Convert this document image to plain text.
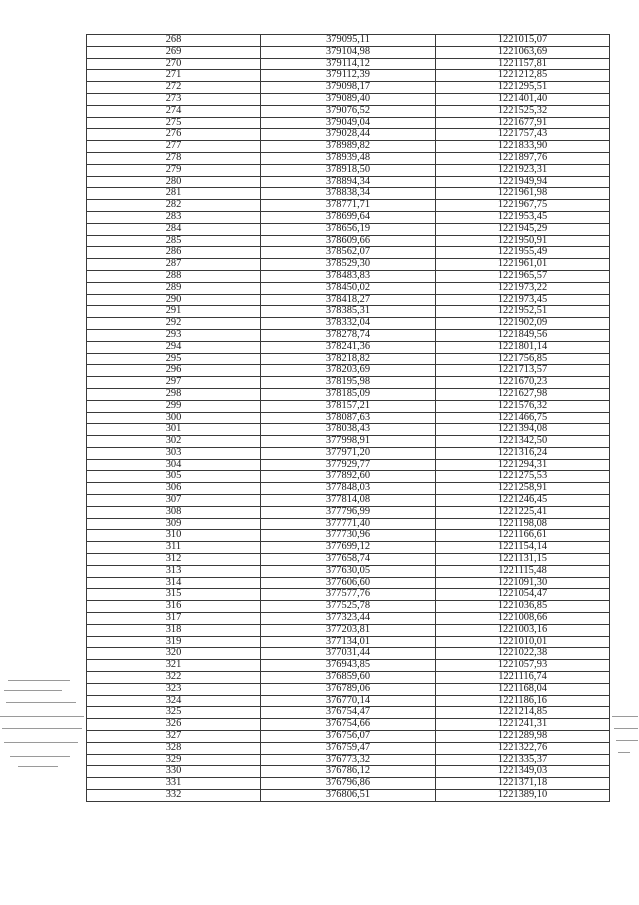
268	379095,11	1221015,07
269	379104,98	1221063,69
270	379114,12	1221157,81
271	379112,39	1221212,85
272	379098,17	1221295,51
273	379089,40	1221401,40
274	379076,52	1221525,32
275	379049,04	1221677,91
276	379028,44	1221757,43
277	378989,82	1221833,90
278	378939,48	1221897,76
279	378918,50	1221923,31
280	378894,34	1221949,94
281	378838,34	1221961,98
282	378771,71	1221967,75
283	378699,64	1221953,45
284	378656,19	1221945,29
285	378609,66	1221950,91
286	378562,07	1221955,49
287	378529,30	1221961,01
288	378483,83	1221965,57
289	378450,02	1221973,22
290	378418,27	1221973,45
291	378385,31	1221952,51
292	378332,04	1221902,09
293	378278,74	1221849,56
294	378241,36	1221801,14
295	378218,82	1221756,85
296	378203,69	1221713,57
297	378195,98	1221670,23
298	378185,09	1221627,98
299	378157,21	1221576,32
300	378087,63	1221466,75
301	378038,43	1221394,08
302	377998,91	1221342,50
303	377971,20	1221316,24
304	377929,77	1221294,31
305	377892,60	1221275,53
306	377848,03	1221258,91
307	377814,08	1221246,45
308	377796,99	1221225,41
309	377771,40	1221198,08
310	377730,96	1221166,61
311	377699,12	1221154,14
312	377658,74	1221131,15
313	377630,05	1221115,48
314	377606,60	1221091,30
315	377577,76	1221054,47
316	377525,78	1221036,85
317	377323,44	1221008,66
318	377203,81	1221003,16
319	377134,01	1221010,01
320	377031,44	1221022,38
321	376943,85	1221057,93
322	376859,60	1221116,74
323	376789,06	1221168,04
324	376770,14	1221186,16
325	376754,47	1221214,85
326	376754,66	1221241,31
327	376756,07	1221289,98
328	376759,47	1221322,76
329	376773,32	1221335,37
330	376786,12	1221349,03
331	376796,86	1221371,18
332	376806,51	1221389,10
